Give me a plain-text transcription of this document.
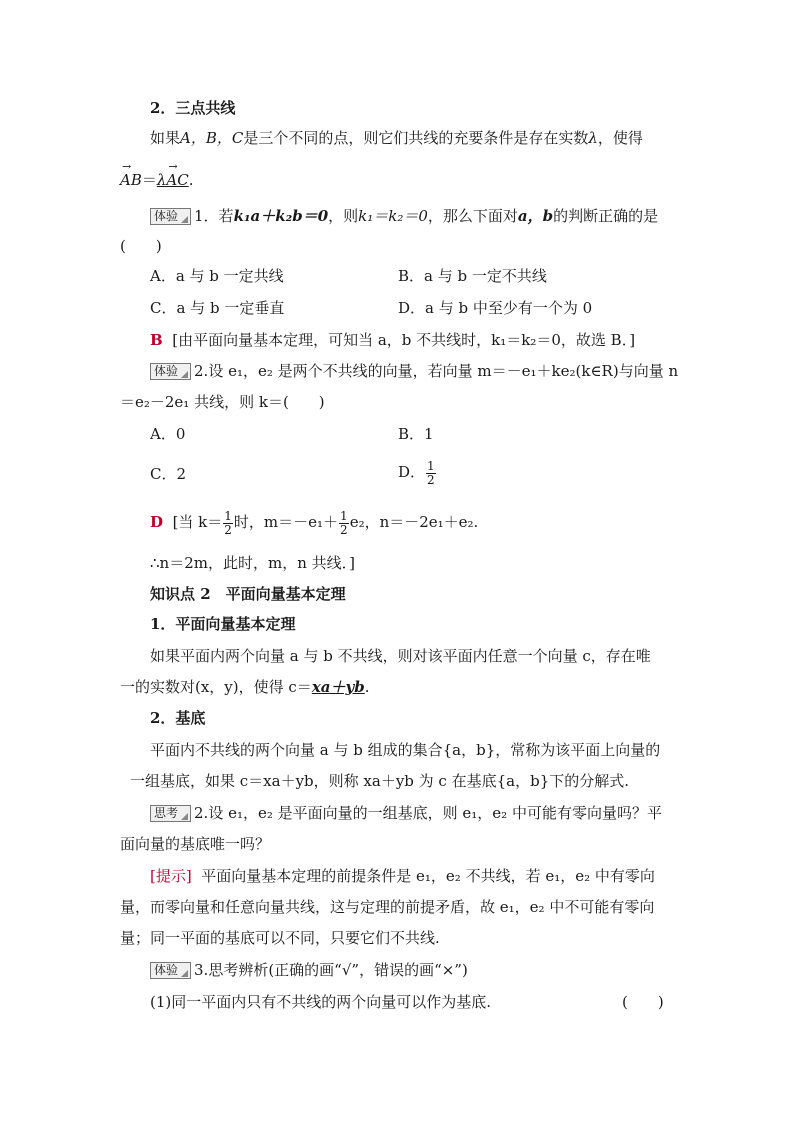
2．三点共线
如果A，B，C是三个不同的点，则它们共线的充要条件是存在实数λ，使得
→ AB＝λ→ AC.
体验 1．若k₁a＋k₂b＝0，则k₁＝k₂＝0，那么下面对a，b的判断正确的是
(　　)
A．a 与 b 一定共线	B．a 与 b 一定不共线
C．a 与 b 一定垂直	D．a 与 b 中至少有一个为 0
B [由平面向量基本定理，可知当 a，b 不共线时，k₁＝k₂＝0，故选 B．]
体验 2.设 e₁，e₂ 是两个不共线的向量，若向量 m＝－e₁＋ke₂(k∈R)与向量 n
＝e₂－2e₁ 共线，则 k＝(　　)
A．0	B．1
C．2	D． $\frac{1}{2}$
D [当 $k= \frac{1}{2}$ 时，$m=-e_1+ \frac{1}{2} e_2$，n＝－2e₁＋e₂.
∴n＝2m，此时，m，n 共线．]
知识点 2　平面向量基本定理
1．平面向量基本定理
如果平面内两个向量 a 与 b 不共线，则对该平面内任意一个向量 c，存在唯
一的实数对(x，y)，使得 c＝xa＋yb.
2．基底
平面内不共线的两个向量 a 与 b 组成的集合{a，b}，常称为该平面上向量的
一组基底，如果 c＝xa＋yb，则称 xa＋yb 为 c 在基底{a，b}下的分解式.
思考 2.设 e₁，e₂ 是平面向量的一组基底，则 e₁，e₂ 中可能有零向量吗？平
面向量的基底唯一吗？
[提示] 平面向量基本定理的前提条件是 e₁，e₂ 不共线，若 e₁，e₂ 中有零向
量，而零向量和任意向量共线，这与定理的前提矛盾，故 e₁，e₂ 中不可能有零向
量；同一平面的基底可以不同，只要它们不共线.
体验 3.思考辨析(正确的画“√”，错误的画“×”)
(1)同一平面内只有不共线的两个向量可以作为基底.	(　　)
